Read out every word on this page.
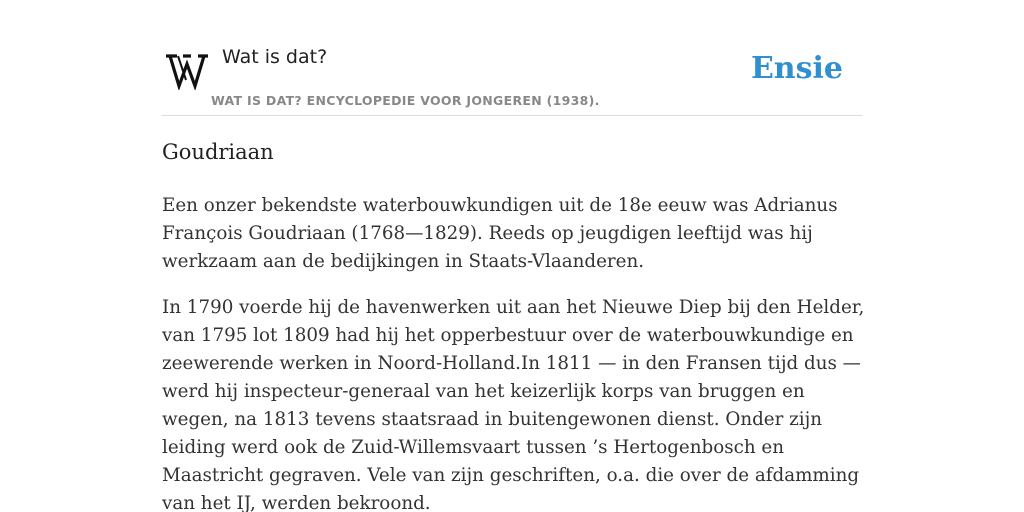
Wat is dat?
WAT IS DAT? ENCYCLOPEDIE VOOR JONGEREN (1938).
Ensie
Goudriaan

Een onzer bekendste waterbouwkundigen uit de 18e eeuw was Adrianus François Goudriaan (1768—1829). Reeds op jeugdigen leeftijd was hij werkzaam aan de bedijkingen in Staats-Vlaanderen.

In 1790 voerde hij de havenwerken uit aan het Nieuwe Diep bij den Helder, van 1795 lot 1809 had hij het opperbestuur over de waterbouwkundige en zeewerende werken in Noord-Holland.In 1811 — in den Fransen tijd dus — werd hij inspecteur-generaal van het keizerlijk korps van bruggen en wegen, na 1813 tevens staatsraad in buitengewonen dienst. Onder zijn leiding werd ook de Zuid-Willemsvaart tussen ’s Hertogenbosch en Maastricht gegraven. Vele van zijn geschriften, o.a. die over de afdamming van het IJ, werden bekroond.
